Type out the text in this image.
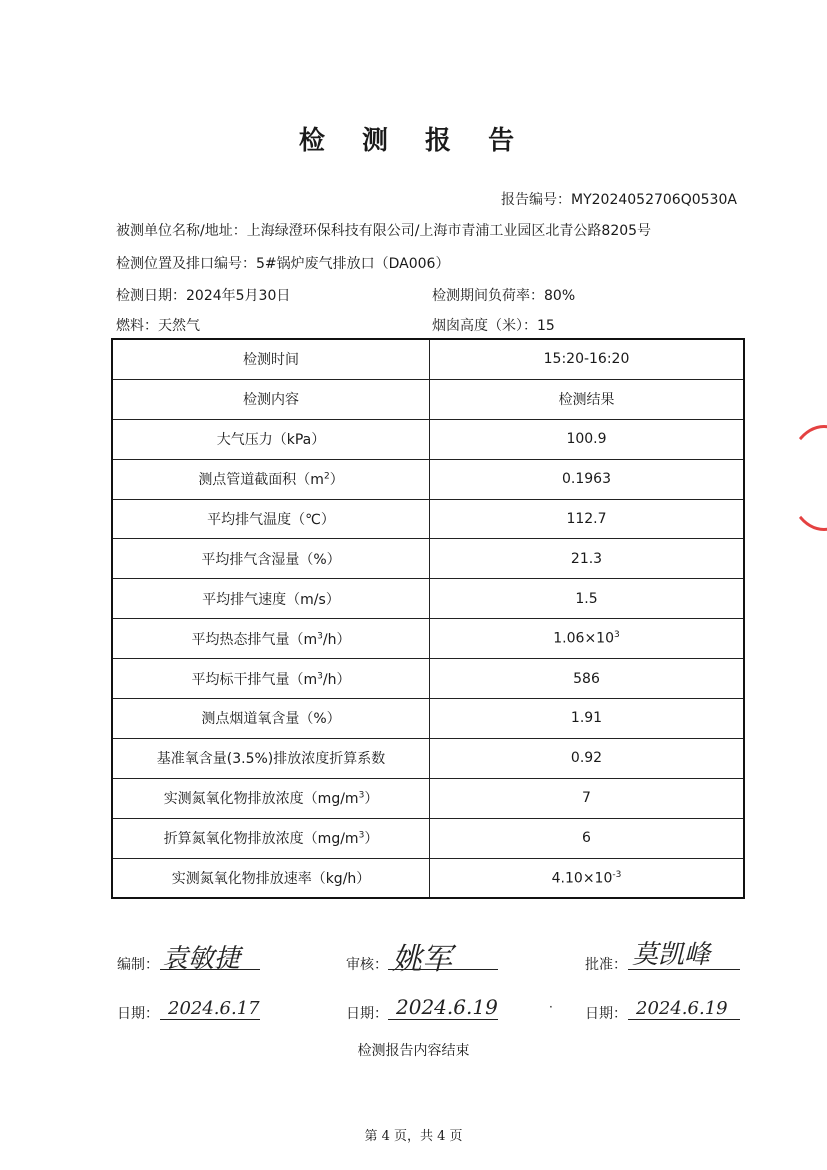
检 测 报 告
报告编号：MY2024052706Q0530A
被测单位名称/地址：上海绿澄环保科技有限公司/上海市青浦工业园区北青公路8205号
检测位置及排口编号：5#锅炉废气排放口（DA006）
检测日期：2024年5月30日	检测期间负荷率：80%
燃料：天然气	烟囱高度（米）：15
检测时间	15:20-16:20
检测内容	检测结果
大气压力（kPa）	100.9
测点管道截面积$(m^2)$	0.1963
平均排气温度（℃）	112.7
平均排气含湿量（%）	21.3
平均排气速度（m/s）	1.5
平均热态排气量$(m^3/h)$	$1.06\times 10^3$
平均标干排气量$(m^3/h)$	586
测点烟道氧含量（%）	1.91
基准氧含量(3.5%)排放浓度折算系数	0.92
实测氮氧化物排放浓度$(mg/m^3)$	7
折算氮氧化物排放浓度$(mg/m^3)$	6
实测氮氧化物排放速率（kg/h）	$4.10\times 10^{-3}$
编制： 袁敏捷	审核： 姚军	批准： 莫凯峰
日期： 2024.6.17	日期： 2024.6.19	日期： 2024.6.19
·
检测报告内容结束
第 4 页，共 4 页
